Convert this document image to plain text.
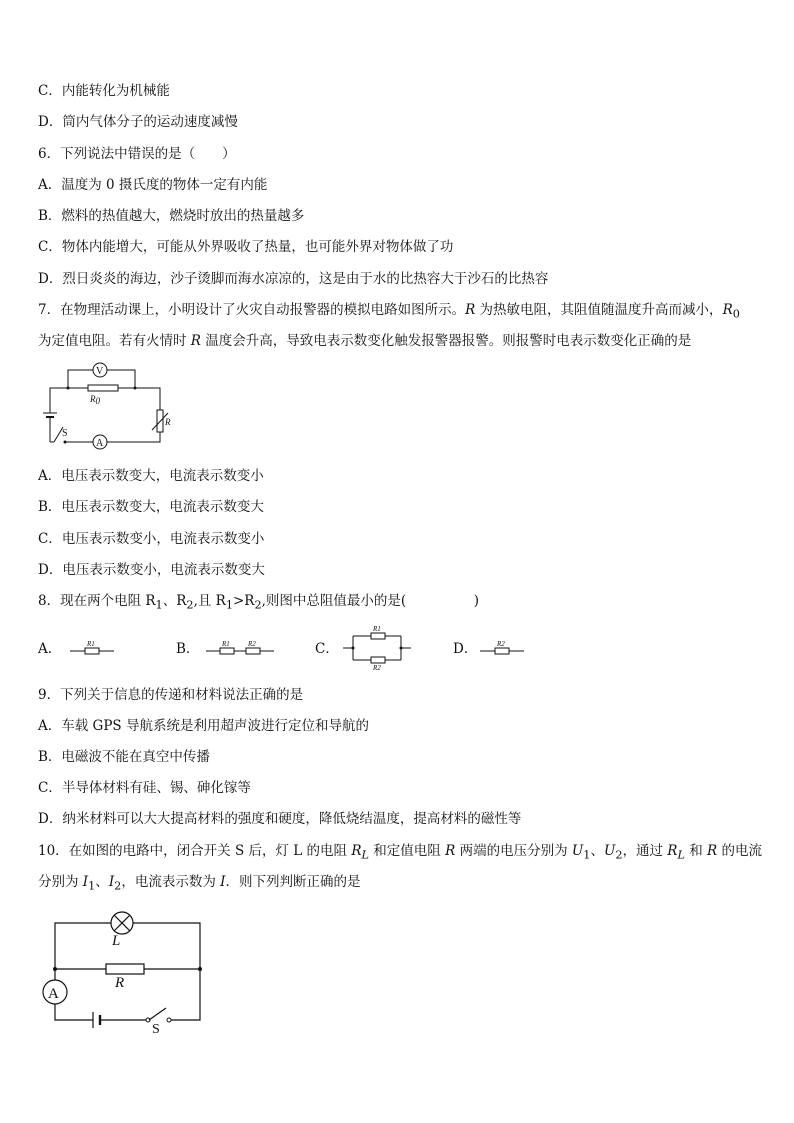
C．内能转化为机械能
D．筒内气体分子的运动速度减慢
6．下列说法中错误的是（　　）
A．温度为 0 摄氏度的物体一定有内能
B．燃料的热值越大，燃烧时放出的热量越多
C．物体内能增大，可能从外界吸收了热量，也可能外界对物体做了功
D．烈日炎炎的海边，沙子烫脚而海水凉凉的，这是由于水的比热容大于沙石的比热容
7．在物理活动课上，小明设计了火灾自动报警器的模拟电路如图所示。R 为热敏电阻，其阻值随温度升高而减小，$R_0$
为定值电阻。若有火情时 R 温度会升高，导致电表示数变化触发报警器报警。则报警时电表示数变化正确的是
V
A
R0
R
S
A．电压表示数变大，电流表示数变小
B．电压表示数变大，电流表示数变大
C．电压表示数变小，电流表示数变小
D．电压表示数变小，电流表示数变大
8．现在两个电阻 $R_1$、$R_2$,且 $R_1>R_2$,则图中总阻值最小的是(　　　　　)
A．	R1	B．	R1	R2	C．
R1
R2
D．	R2
9．下列关于信息的传递和材料说法正确的是
A．车载 GPS 导航系统是利用超声波进行定位和导航的
B．电磁波不能在真空中传播
C．半导体材料有硅、锡、砷化镓等
D．纳米材料可以大大提高材料的强度和硬度，降低烧结温度，提高材料的磁性等
10．在如图的电路中，闭合开关 S 后，灯 L 的电阻 $R_L$ 和定值电阻 R 两端的电压分别为 $U_1$、$U_2$，通过 $R_L$ 和 R 的电流
分别为 $I_1$、$I_2$，电流表示数为 I．则下列判断正确的是
L
R
A
S
